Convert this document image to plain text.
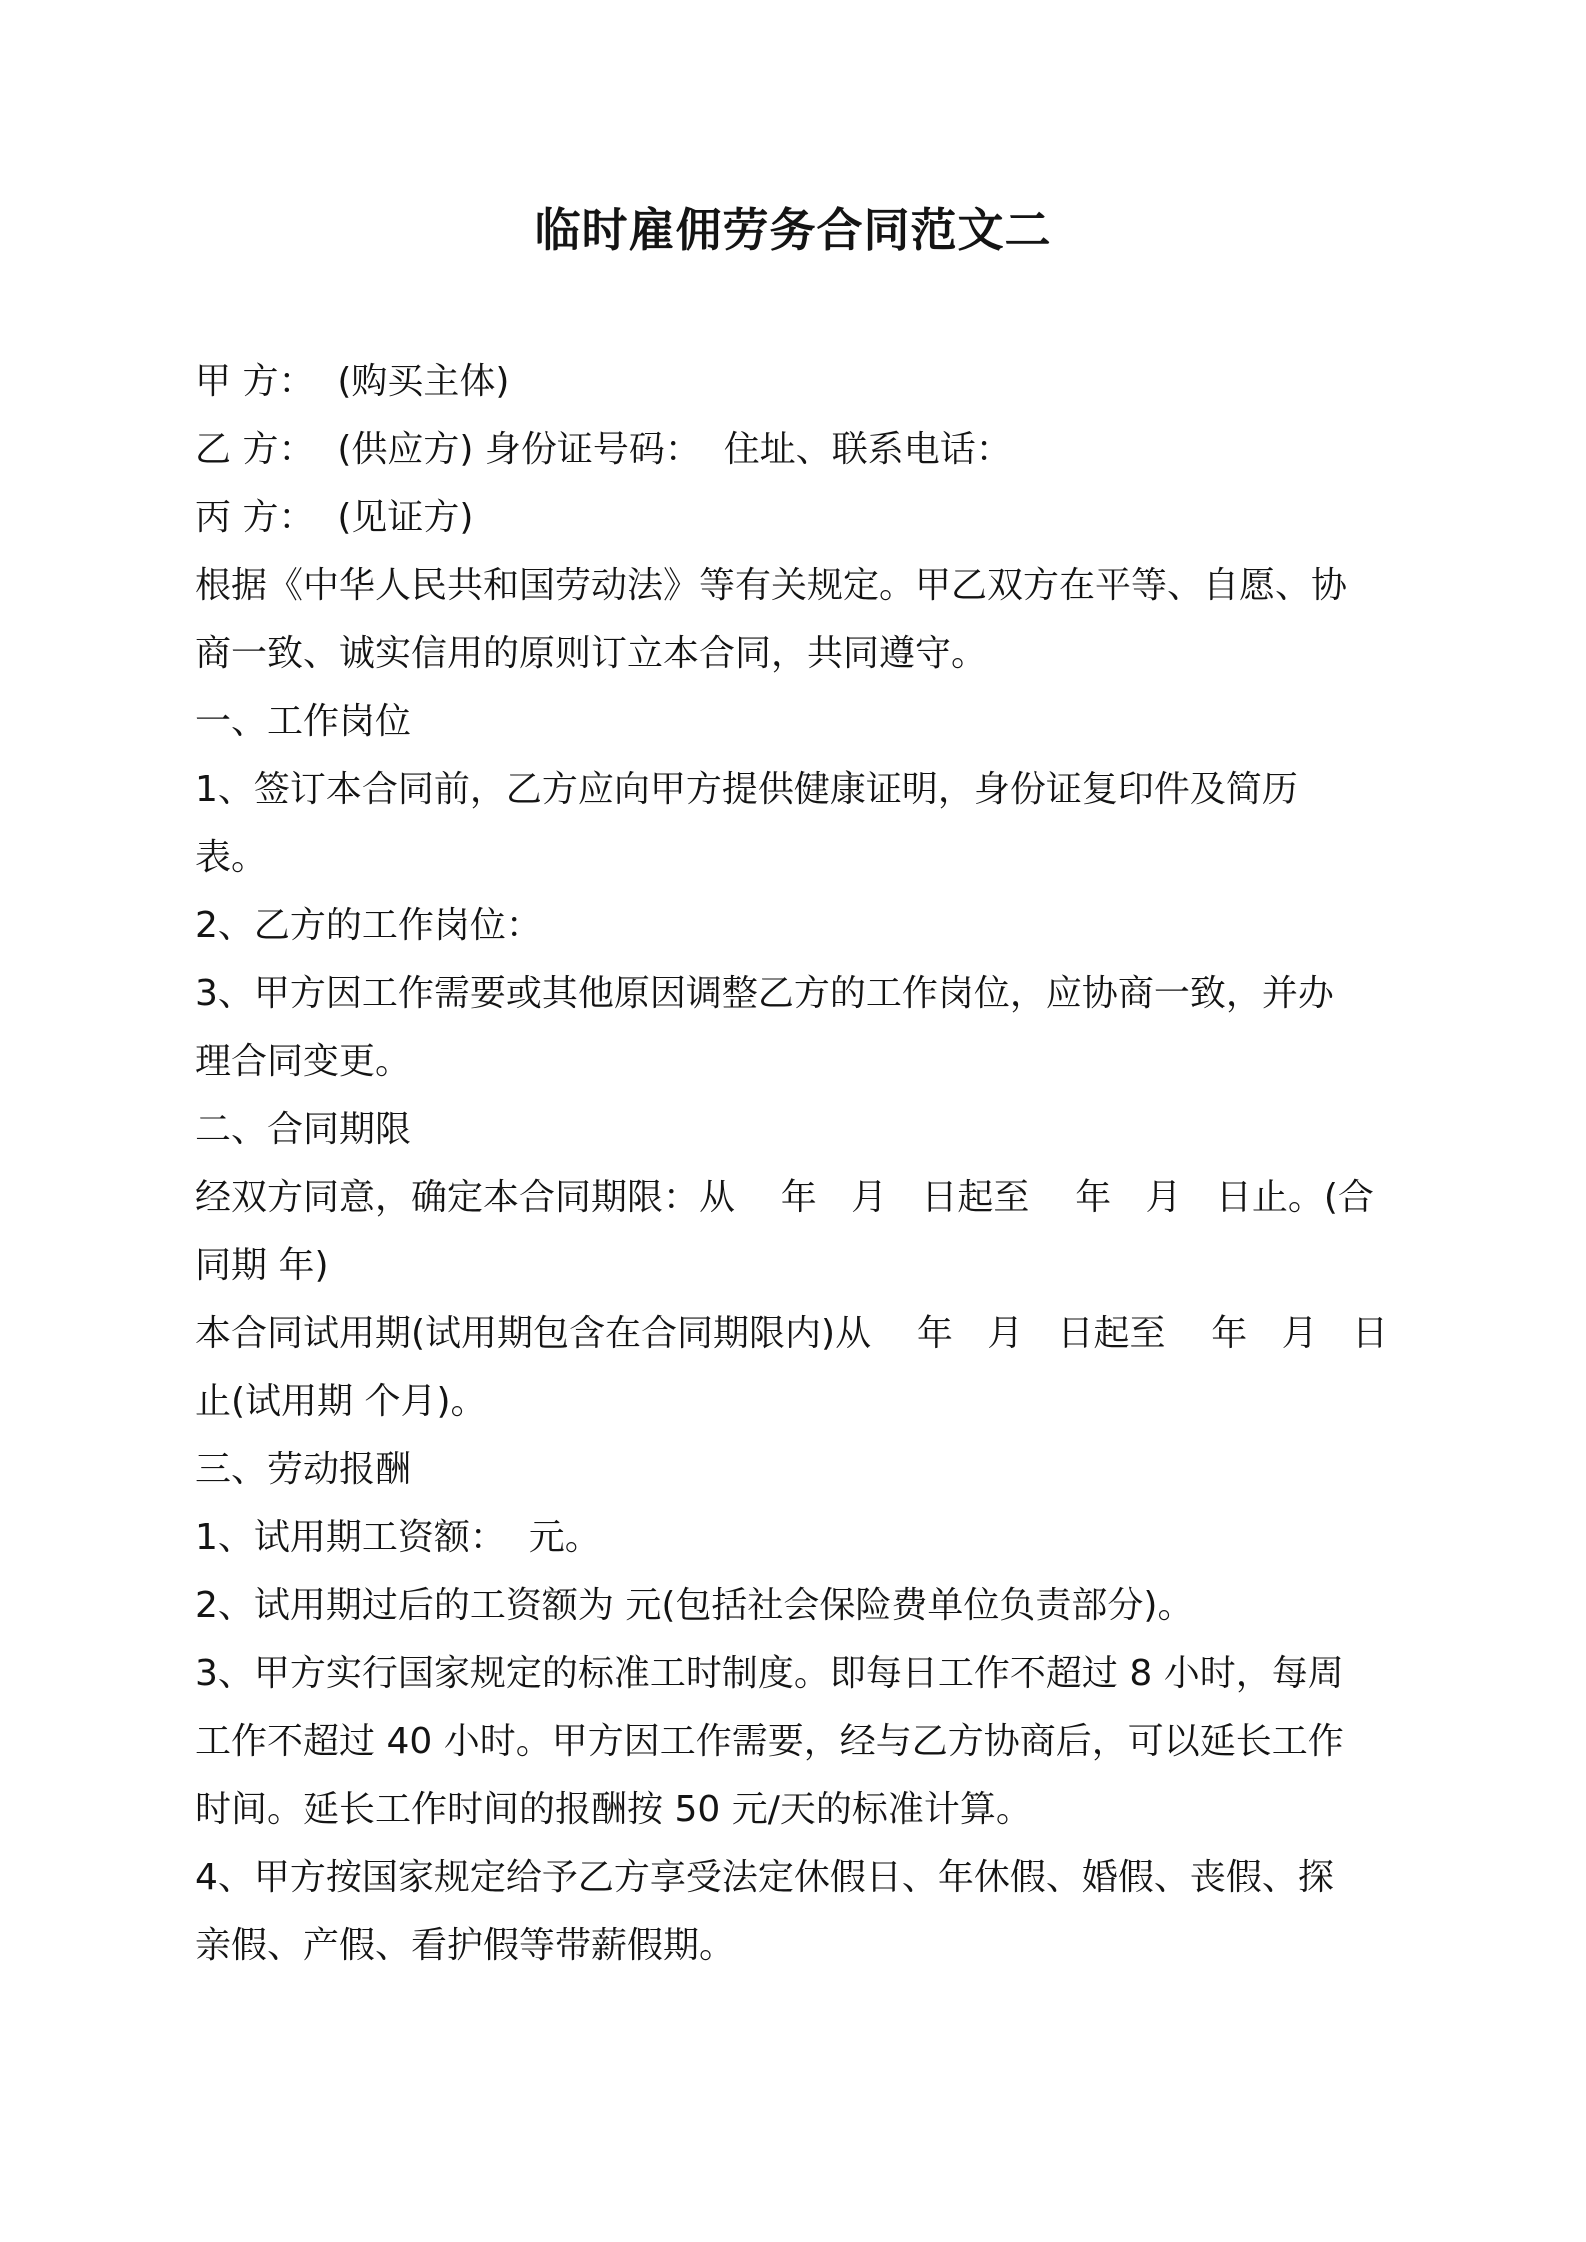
临时雇佣劳务合同范文二

甲 方：  (购买主体)

乙 方：  (供应方) 身份证号码：  住址、联系电话：

丙 方：  (见证方)

根据《中华人民共和国劳动法》等有关规定。甲乙双方在平等、自愿、协

商一致、诚实信用的原则订立本合同，共同遵守。

一、工作岗位

1、签订本合同前，乙方应向甲方提供健康证明，身份证复印件及简历

表。

2、乙方的工作岗位：

3、甲方因工作需要或其他原因调整乙方的工作岗位，应协商一致，并办

理合同变更。

二、合同期限

经双方同意，确定本合同期限：从    年   月   日起至    年   月   日止。(合

同期 年)

本合同试用期(试用期包含在合同期限内)从    年   月   日起至    年   月   日

止(试用期 个月)。

三、劳动报酬

1、试用期工资额：  元。

2、试用期过后的工资额为 元(包括社会保险费单位负责部分)。

3、甲方实行国家规定的标准工时制度。即每日工作不超过 8 小时，每周

工作不超过 40 小时。甲方因工作需要，经与乙方协商后，可以延长工作

时间。延长工作时间的报酬按 50 元/天的标准计算。

4、甲方按国家规定给予乙方享受法定休假日、年休假、婚假、丧假、探

亲假、产假、看护假等带薪假期。
